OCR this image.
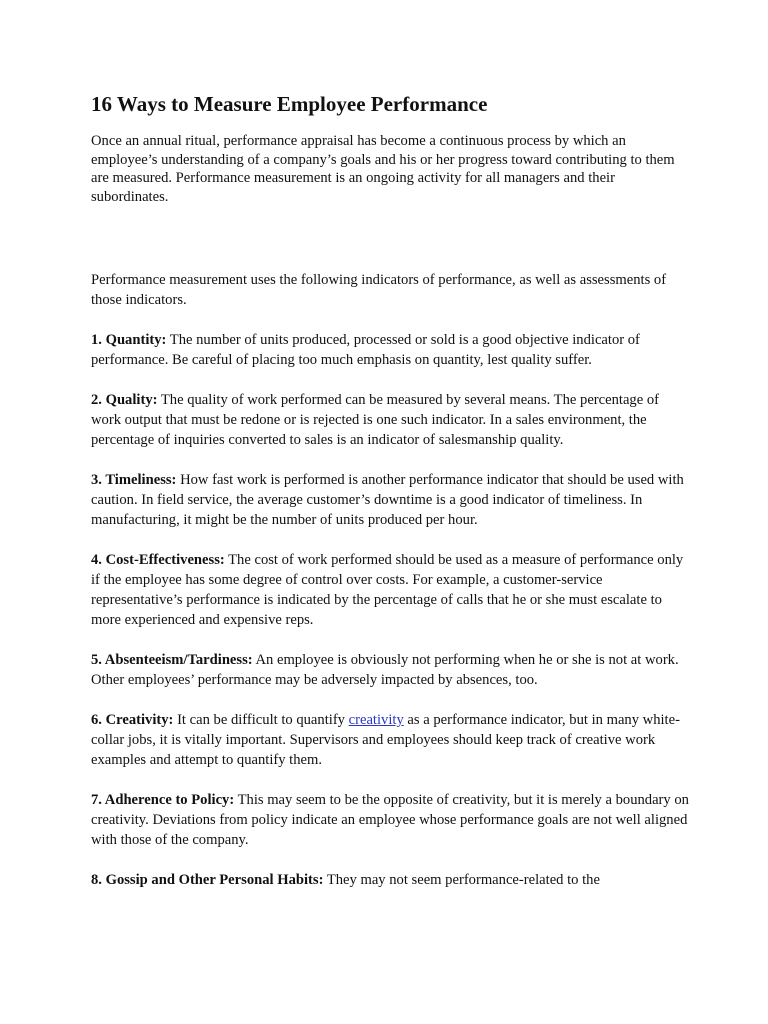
16 Ways to Measure Employee Performance

Once an annual ritual, performance appraisal has become a continuous process by which an employee’s understanding of a company’s goals and his or her progress toward contributing to them are measured. Performance measurement is an ongoing activity for all managers and their subordinates.

Performance measurement uses the following indicators of performance, as well as assessments of those indicators.

1. Quantity: The number of units produced, processed or sold is a good objective indicator of performance. Be careful of placing too much emphasis on quantity, lest quality suffer.

2. Quality: The quality of work performed can be measured by several means. The percentage of work output that must be redone or is rejected is one such indicator. In a sales environment, the percentage of inquiries converted to sales is an indicator of salesmanship quality.

3. Timeliness: How fast work is performed is another performance indicator that should be used with caution. In field service, the average customer’s downtime is a good indicator of timeliness. In manufacturing, it might be the number of units produced per hour.

4. Cost-Effectiveness: The cost of work performed should be used as a measure of performance only if the employee has some degree of control over costs. For example, a customer-service representative’s performance is indicated by the percentage of calls that he or she must escalate to more experienced and expensive reps.

5. Absenteeism/Tardiness: An employee is obviously not performing when he or she is not at work. Other employees’ performance may be adversely impacted by absences, too.

6. Creativity: It can be difficult to quantify creativity as a performance indicator, but in many white-collar jobs, it is vitally important. Supervisors and employees should keep track of creative work examples and attempt to quantify them.

7. Adherence to Policy: This may seem to be the opposite of creativity, but it is merely a boundary on creativity. Deviations from policy indicate an employee whose performance goals are not well aligned with those of the company.

8. Gossip and Other Personal Habits: They may not seem performance-related to the
